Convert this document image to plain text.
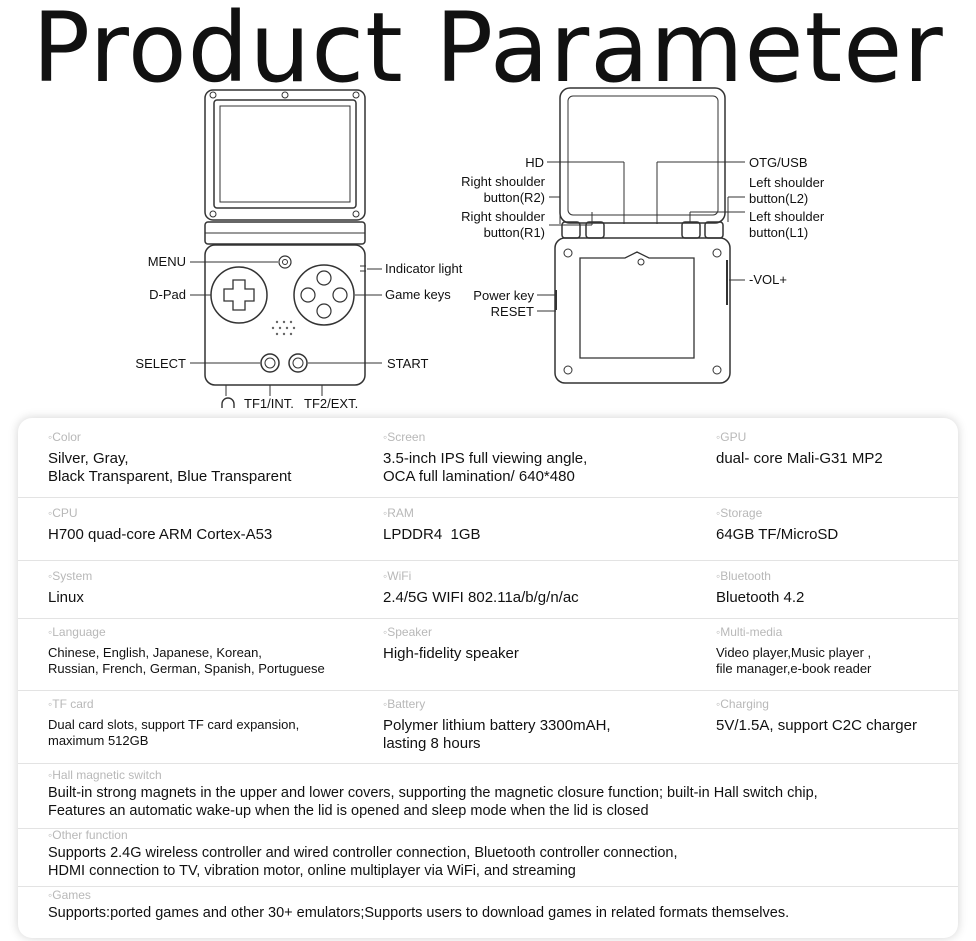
Product Parameter
MENU
D-Pad
SELECT
Indicator light
Game keys
START
TF1/INT. TF2/EXT.
HD
Right shoulder
button(R2)
Right shoulder
button(R1)
Power key
RESET
OTG/USB
Left shoulder
button(L2)
Left shoulder
button(L1)
-VOL+
◦Color
Silver, Gray,
Black Transparent, Blue Transparent
◦Screen
3.5-inch IPS full viewing angle,
OCA full lamination/ 640*480
◦GPU
dual- core Mali-G31 MP2
◦CPU
H700 quad-core ARM Cortex-A53
◦RAM
LPDDR4  1GB
◦Storage
64GB TF/MicroSD
◦System
Linux
◦WiFi
2.4/5G WIFI 802.11a/b/g/n/ac
◦Bluetooth
Bluetooth 4.2
◦Language
Chinese, English, Japanese, Korean,
Russian, French, German, Spanish, Portuguese
◦Speaker
High-fidelity speaker
◦Multi-media
Video player,Music player ,
file manager,e-book reader
◦TF card
Dual card slots, support TF card expansion,
maximum 512GB
◦Battery
Polymer lithium battery 3300mAH,
lasting 8 hours
◦Charging
5V/1.5A, support C2C charger
◦Hall magnetic switch
Built-in strong magnets in the upper and lower covers, supporting the magnetic closure function; built-in Hall switch chip,
Features an automatic wake-up when the lid is opened and sleep mode when the lid is closed
◦Other function
Supports 2.4G wireless controller and wired controller connection, Bluetooth controller connection,
HDMI connection to TV, vibration motor, online multiplayer via WiFi, and streaming
◦Games
Supports:ported games and other 30+ emulators;Supports users to download games in related formats themselves.
